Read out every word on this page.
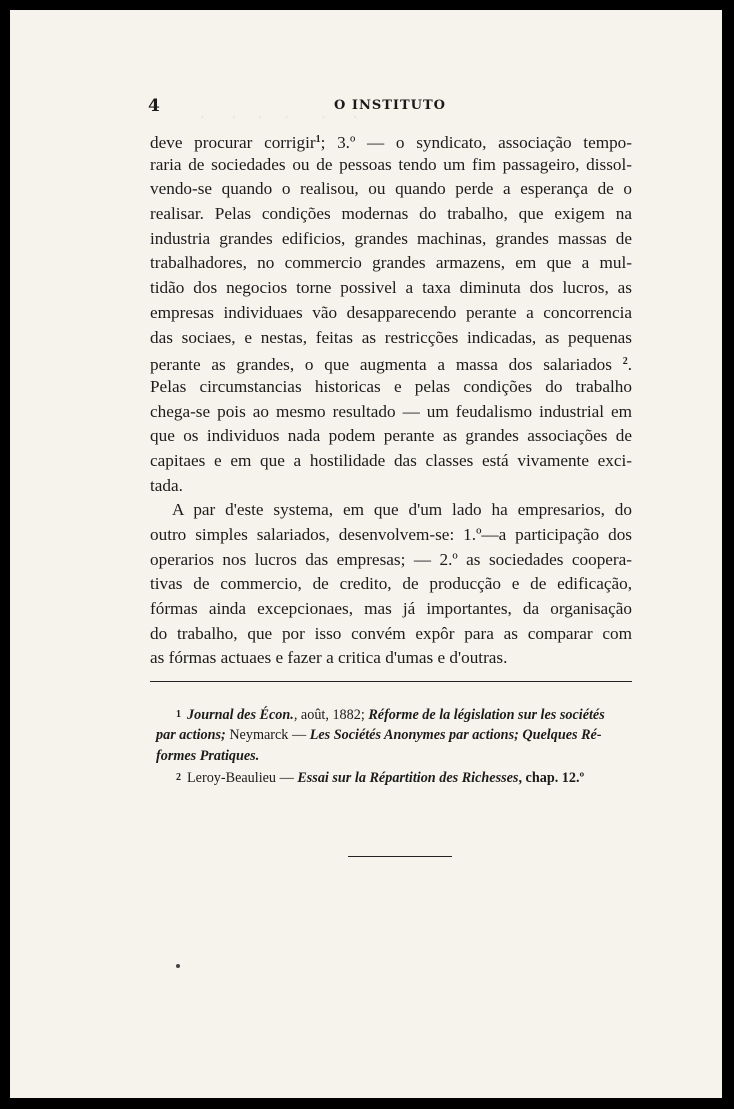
.     .    .    .      .     .
4	O INSTITUTO
deve procurar corrigir$^1$; 3.º — o syndicato, associação tempo-
raria de sociedades ou de pessoas tendo um fim passageiro, dissol-
vendo-se quando o realisou, ou quando perde a esperança de o
realisar. Pelas condições modernas do trabalho, que exigem na
industria grandes edificios, grandes machinas, grandes massas de
trabalhadores, no commercio grandes armazens, em que a mul-
tidão dos negocios torne possivel a taxa diminuta dos lucros, as
empresas individuaes vão desapparecendo perante a concorrencia
das sociaes, e nestas, feitas as restricções indicadas, as pequenas
perante as grandes, o que augmenta a massa dos salariados $^2$.
Pelas circumstancias historicas e pelas condições do trabalho
chega-se pois ao mesmo resultado — um feudalismo industrial em
que os individuos nada podem perante as grandes associações de
capitaes e em que a hostilidade das classes está vivamente exci-
tada.
A par d'este systema, em que d'um lado ha empresarios, do
outro simples salariados, desenvolvem-se: 1.º—a participação dos
operarios nos lucros das empresas; — 2.º as sociedades coopera-
tivas de commercio, de credito, de producção e de edificação,
fórmas ainda excepcionaes, mas já importantes, da organisação
do trabalho, que por isso convém expôr para as comparar com
as fórmas actuaes e fazer a critica d'umas e d'outras.
1 Journal des Écon., août, 1882; Réforme de la législation sur les sociétés
par actions; Neymarck — Les Sociétés Anonymes par actions; Quelques Ré-
formes Pratiques.
2 Leroy-Beaulieu — Essai sur la Répartition des Richesses, chap. 12.º
